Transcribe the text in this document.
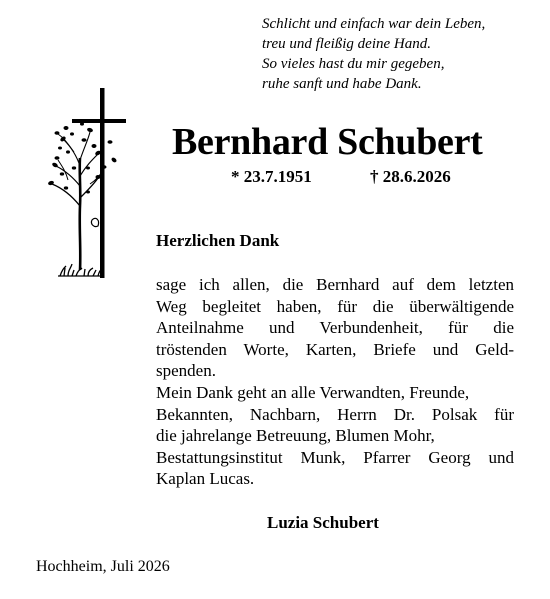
Schlicht und einfach war dein Leben,
treu und fleißig deine Hand.
So vieles hast du mir gegeben,
ruhe sanft und habe Dank.
Bernhard Schubert
* 23.7.1951	† 28.6.2026
Herzlichen Dank
sage ich allen, die Bernhard auf dem letzten
Weg begleitet haben, für die überwältigende
Anteilnahme und Verbundenheit, für die
tröstenden Worte, Karten, Briefe und Geld-
spenden.
Mein Dank geht an alle Verwandten, Freunde,
Bekannten, Nachbarn, Herrn Dr. Polsak für
die jahrelange Betreuung, Blumen Mohr,
Bestattungsinstitut Munk, Pfarrer Georg und
Kaplan Lucas.
Luzia Schubert
Hochheim, Juli 2026
